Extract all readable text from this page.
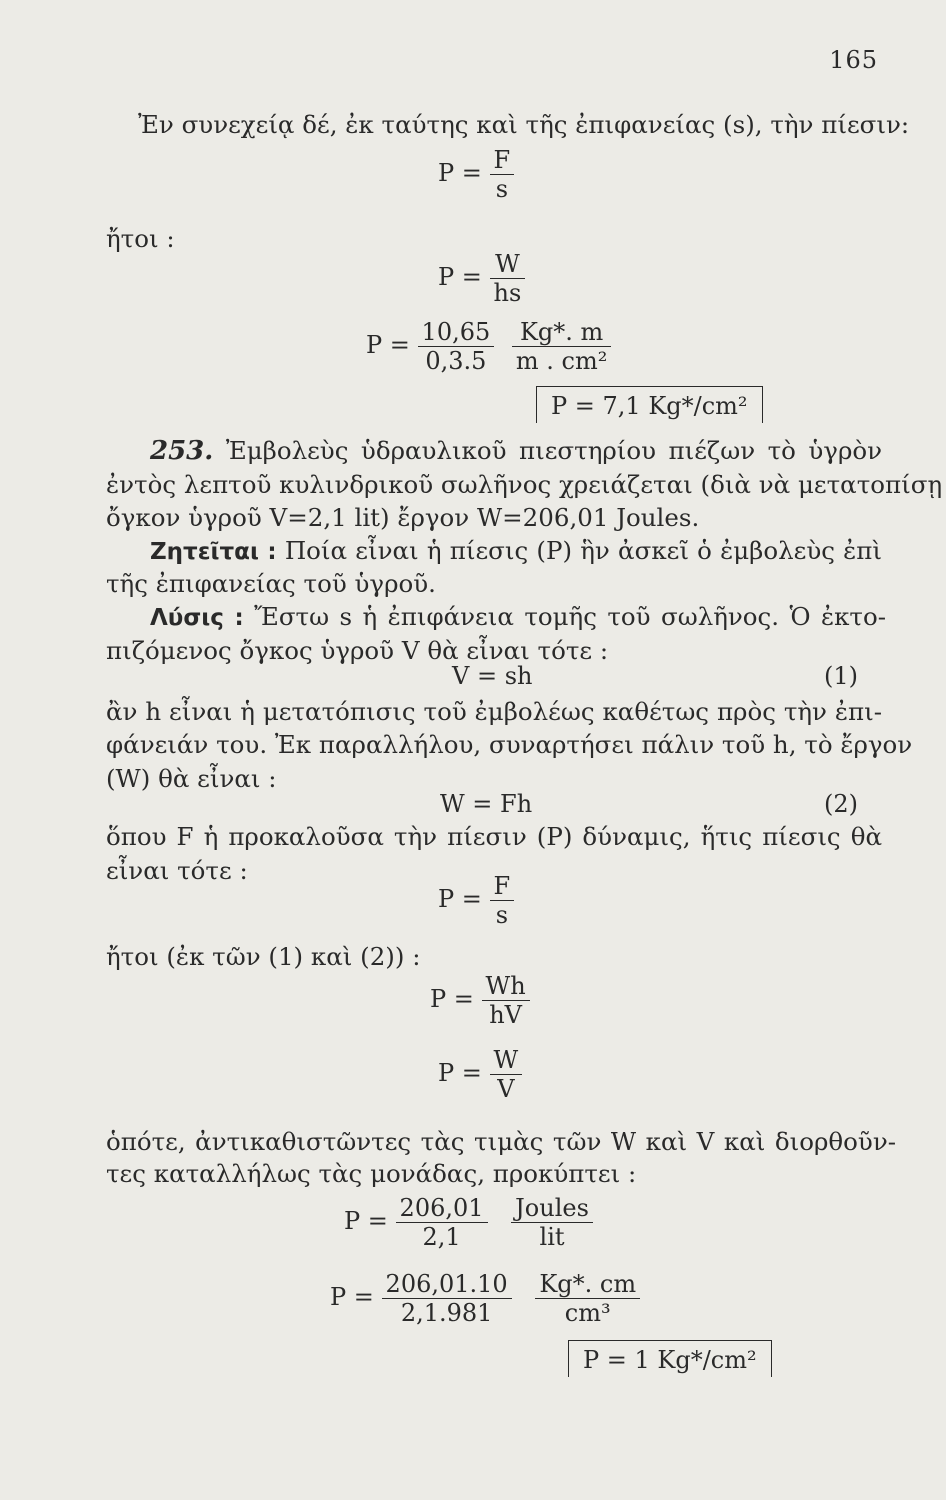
165
Ἐν συνεχείᾳ δέ, ἐκ ταύτης καὶ τῆς ἐπιφανείας (s), τὴν πίεσιν:
$P = \frac{F}{s}$
ἤτοι :
$P = \frac{W}{hs}$
$P = \frac{10,65}{0,3.5}$
$\frac{Kg*. m}{\text{m . cm²}}$
P = 7,1 Kg*/cm²
253. Ἐμβολεὺς ὑδραυλικοῦ πιεστηρίου πιέζων τὸ ὑγρὸν
ἐντὸς λεπτοῦ κυλινδρικοῦ σωλῆνος χρειάζεται (διὰ νὰ μετατοπίσῃ
ὄγκον ὑγροῦ V=2,1 lit) ἔργον W=206,01 Joules.
Ζητεῖται : Ποία εἶναι ἡ πίεσις (P) ἣν ἀσκεῖ ὁ ἐμβολεὺς ἐπὶ
τῆς ἐπιφανείας τοῦ ὑγροῦ.
Λύσις : Ἔστω s ἡ ἐπιφάνεια τομῆς τοῦ σωλῆνος. Ὁ ἐκτο-
πιζόμενος ὄγκος ὑγροῦ V θὰ εἶναι τότε :
V = sh	(1)
ἂν h εἶναι ἡ μετατόπισις τοῦ ἐμβολέως καθέτως πρὸς τὴν ἐπι-
φάνειάν του. Ἐκ παραλλήλου, συναρτήσει πάλιν τοῦ h, τὸ ἔργον
(W) θὰ εἶναι :
W = Fh	(2)
ὅπου F ἡ προκαλοῦσα τὴν πίεσιν (P) δύναμις, ἥτις πίεσις θὰ
εἶναι τότε :
$P = \frac{F}{s}$
ἤτοι (ἐκ τῶν (1) καὶ (2)) :
$P = \frac{Wh}{hV}$
$P = \frac{W}{V}$
ὁπότε, ἀντικαθιστῶντες τὰς τιμὰς τῶν W καὶ V καὶ διορθοῦν-
τες καταλλήλως τὰς μονάδας, προκύπτει :
$P = \frac{206,01}{2,1}$
$\frac{\text{Joules}}{\text{lit}}$
$P = \frac{206,01.10}{2,1.981}$
$\frac{Kg*. cm}{\text{cm³}}$
P = 1 Kg*/cm²
